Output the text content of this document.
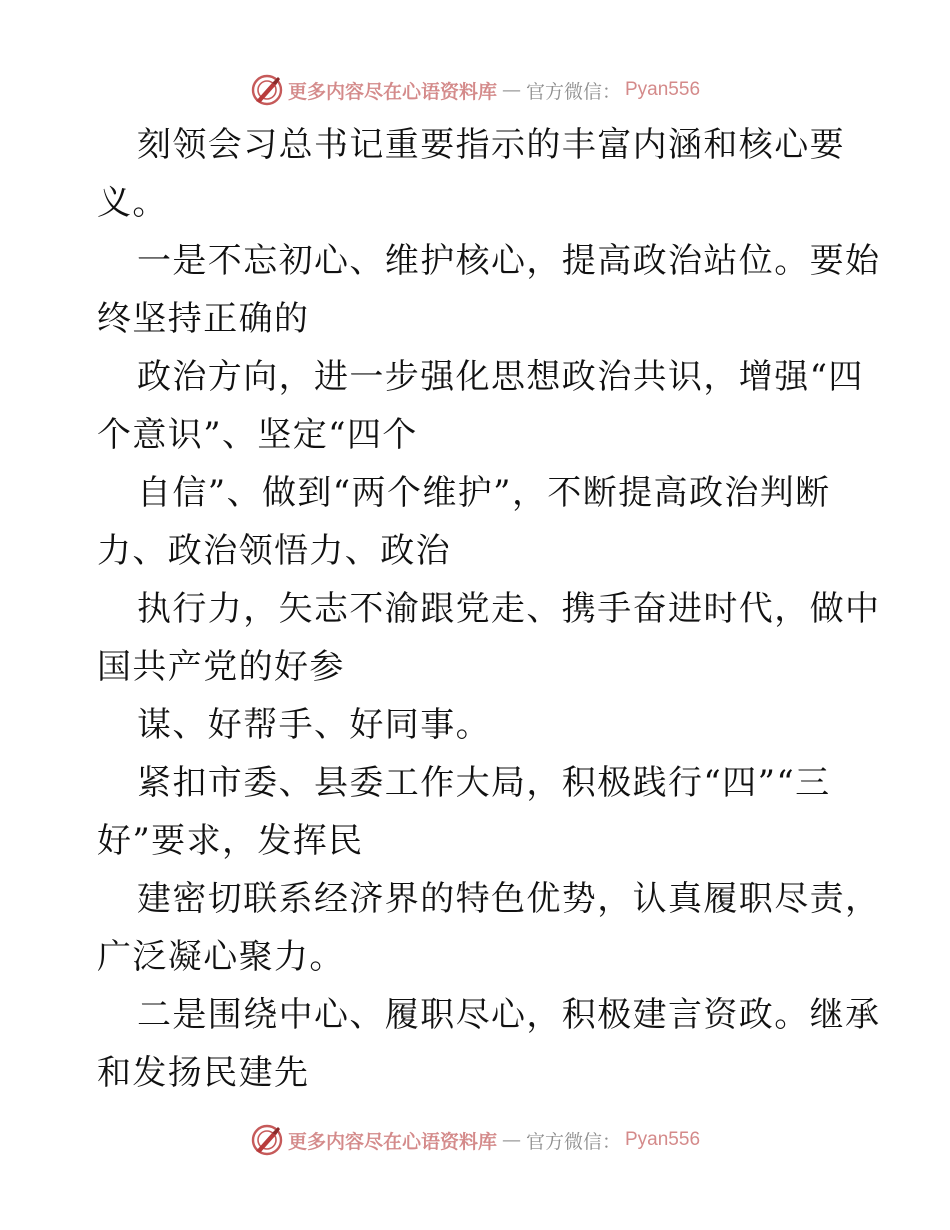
更多内容尽在心语资料库 — 官方微信： Pyan556
刻领会习总书记重要指示的丰富内涵和核心要
义。
一是不忘初心、维护核心，提高政治站位。要始
终坚持正确的
政治方向，进一步强化思想政治共识，增强“四
个意识”、坚定“四个
自信”、做到“两个维护”，不断提高政治判断
力、政治领悟力、政治
执行力，矢志不渝跟党走、携手奋进时代，做中
国共产党的好参
谋、好帮手、好同事。
紧扣市委、县委工作大局，积极践行“四”“三
好”要求，发挥民
建密切联系经济界的特色优势，认真履职尽责，
广泛凝心聚力。
二是围绕中心、履职尽心，积极建言资政。继承
和发扬民建先
更多内容尽在心语资料库 — 官方微信： Pyan556
